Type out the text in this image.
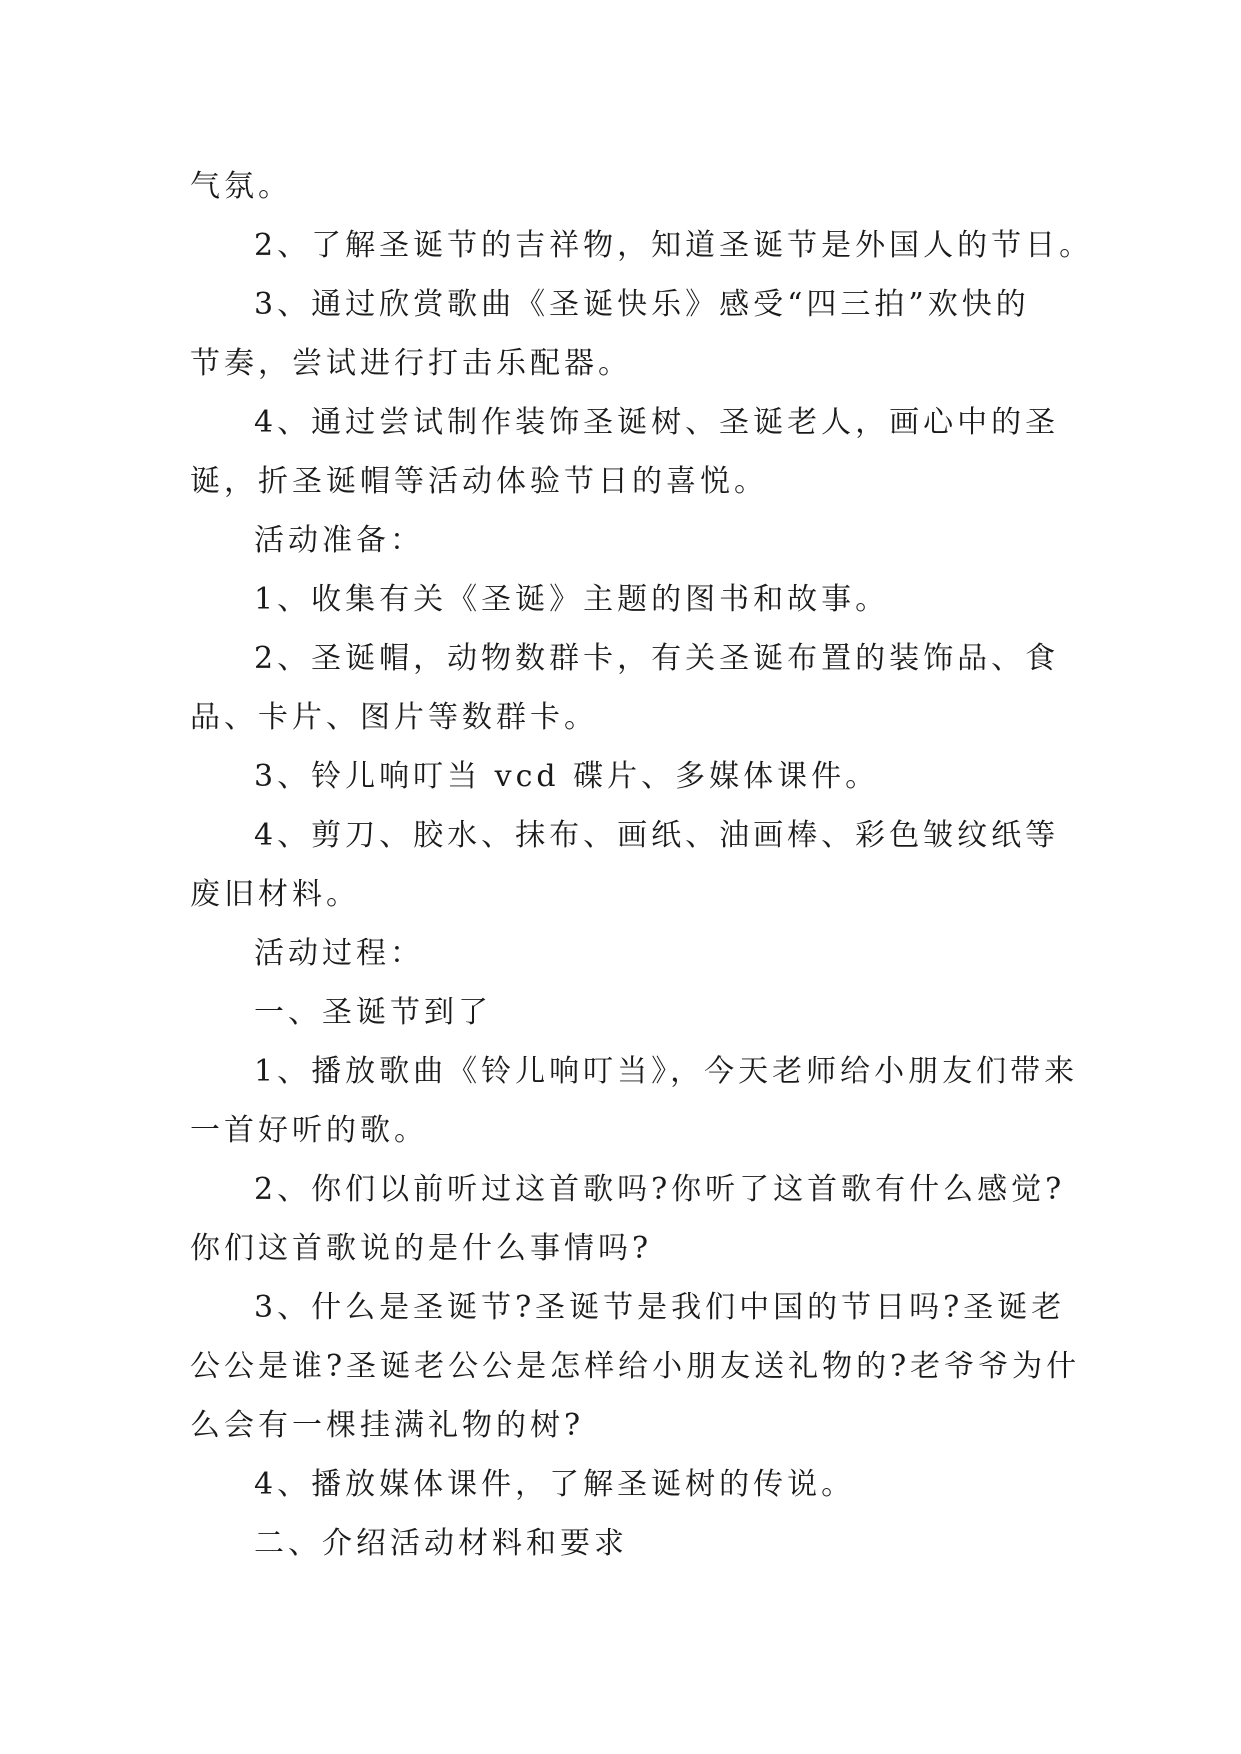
气氛。

2、了解圣诞节的吉祥物，知道圣诞节是外国人的节日。

3、通过欣赏歌曲《圣诞快乐》感受“四三拍”欢快的

节奏，尝试进行打击乐配器。

4、通过尝试制作装饰圣诞树、圣诞老人，画心中的圣

诞，折圣诞帽等活动体验节日的喜悦。

活动准备：

1、收集有关《圣诞》主题的图书和故事。

2、圣诞帽，动物数群卡，有关圣诞布置的装饰品、食

品、卡片、图片等数群卡。

3、铃儿响叮当 vcd 碟片、多媒体课件。

4、剪刀、胶水、抹布、画纸、油画棒、彩色皱纹纸等

废旧材料。

活动过程：

一、圣诞节到了

1、播放歌曲《铃儿响叮当》，今天老师给小朋友们带来

一首好听的歌。

2、你们以前听过这首歌吗?你听了这首歌有什么感觉?

你们这首歌说的是什么事情吗?

3、什么是圣诞节?圣诞节是我们中国的节日吗?圣诞老

公公是谁?圣诞老公公是怎样给小朋友送礼物的?老爷爷为什

么会有一棵挂满礼物的树?

4、播放媒体课件，了解圣诞树的传说。

二、介绍活动材料和要求
